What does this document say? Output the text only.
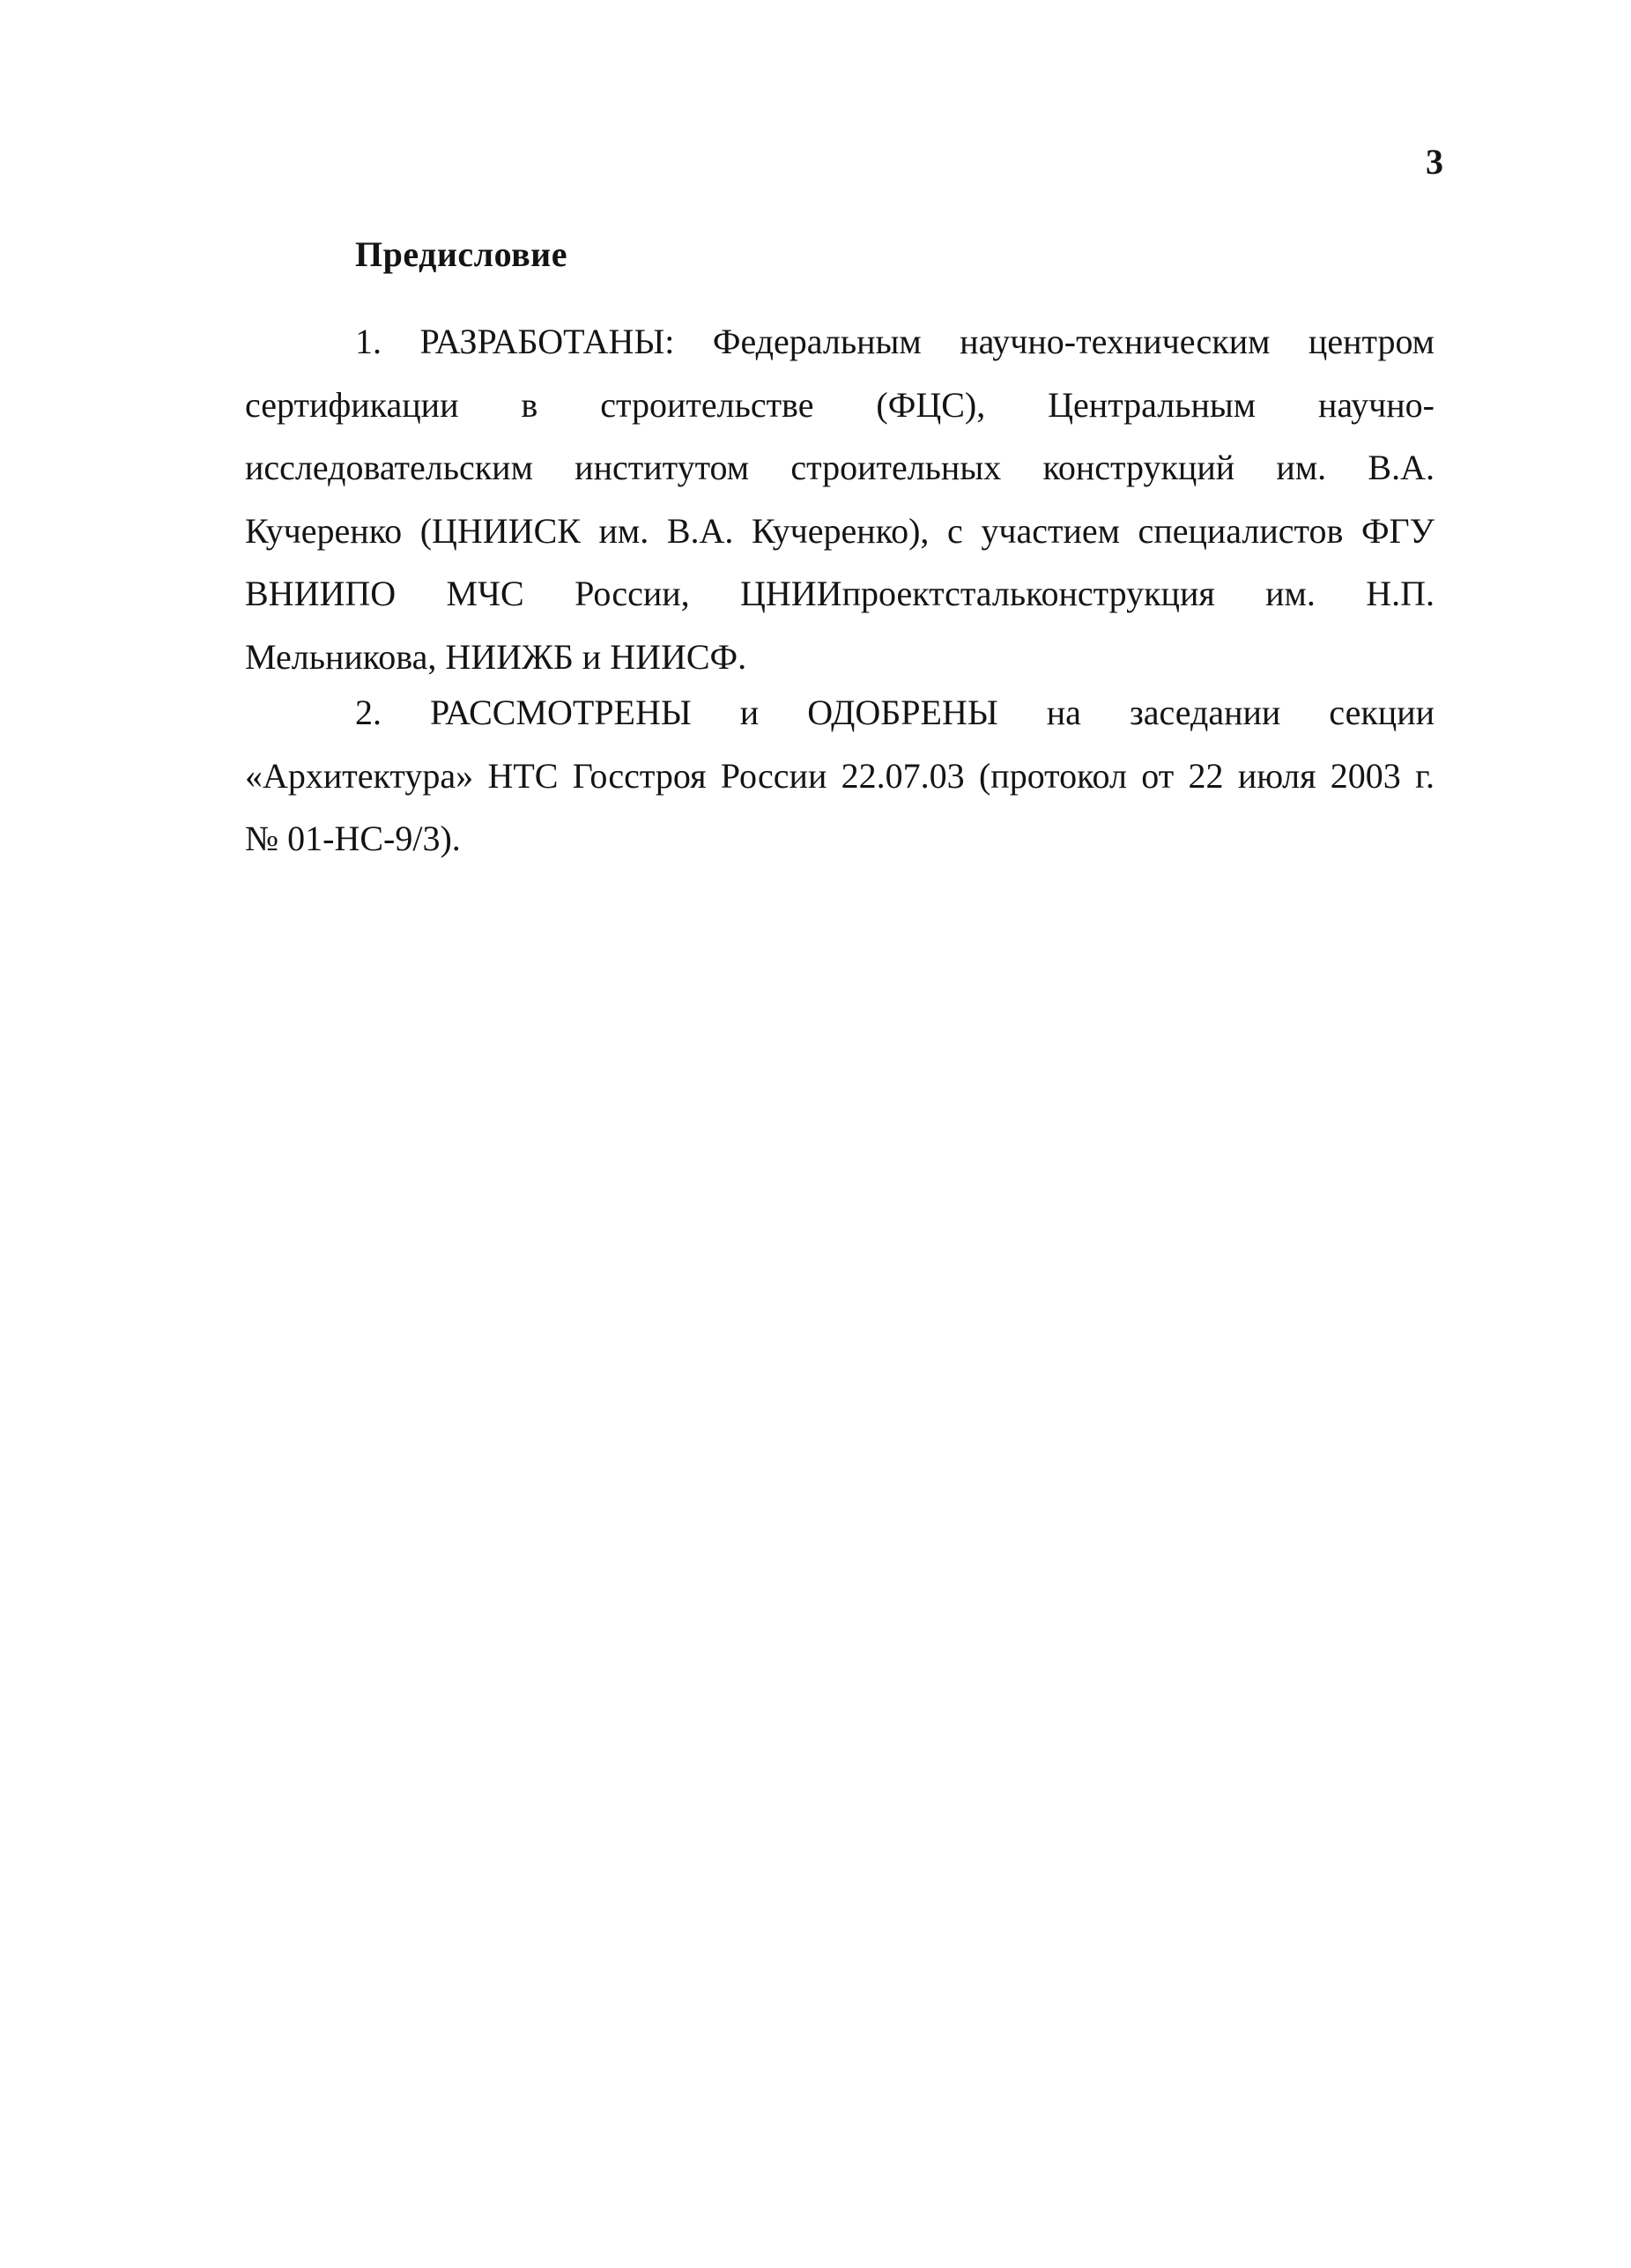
3
Предисловие
1. РАЗРАБОТАНЫ: Федеральным научно-техническим центром
сертификации в строительстве (ФЦС), Центральным научно-
исследовательским институтом строительных конструкций им. В.А.
Кучеренко (ЦНИИСК им. В.А. Кучеренко), с участием специалистов ФГУ
ВНИИПО МЧС России, ЦНИИпроектстальконструкция им. Н.П.
Мельникова, НИИЖБ и НИИСФ.
2. РАССМОТРЕНЫ и ОДОБРЕНЫ на заседании секции
«Архитектура» НТС Госстроя России 22.07.03 (протокол от 22 июля 2003 г.
№ 01-НС-9/3).
